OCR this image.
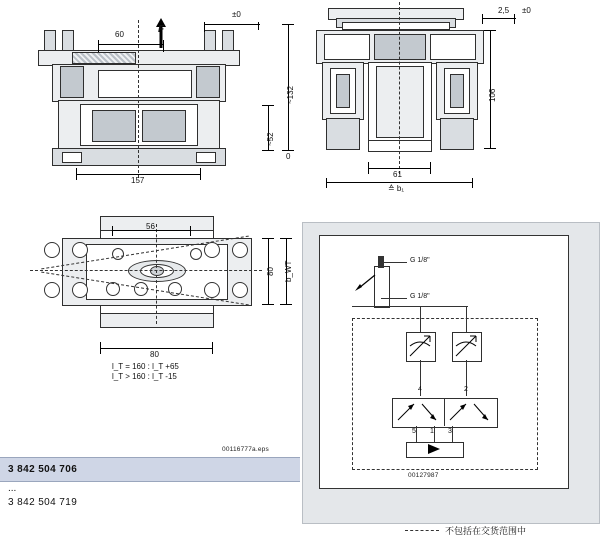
F
±0
60
157
~132
~52
0
2,5 ±0
106
61
≙ b₁
56
80 b_WT
80
l_T = 160 : l_T +65
l_T > 160 : l_T -15
00116777a.eps
3 842 504 706
...
3 842 504 719
G 1/8"
G 1/8"
4	2
5 1 3
00127987
不包括在交货范围中
